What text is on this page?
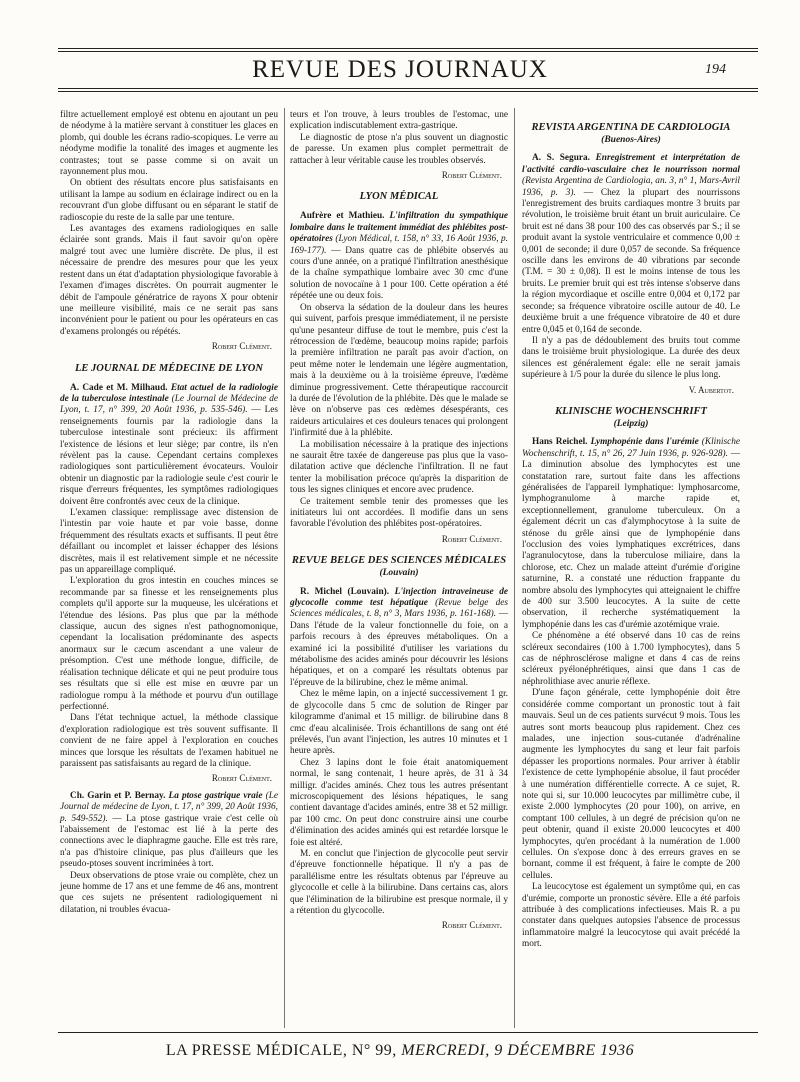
REVUE DES JOURNAUX	194

filtre actuellement employé est obtenu en ajoutant un peu de néodyme à la matière servant à constituer les glaces en plomb, qui double les écrans radio-scopiques. Le verre au néodyme modifie la tonalité des images et augmente les contrastes; tout se passe comme si on avait un rayonnement plus mou.

On obtient des résultats encore plus satisfaisants en utilisant la lampe au sodium en éclairage indirect ou en la recouvrant d'un globe diffusant ou en séparant le statif de radioscopie du reste de la salle par une tenture.

Les avantages des examens radiologiques en salle éclairée sont grands. Mais il faut savoir qu'on opère malgré tout avec une lumière discrète. De plus, il est nécessaire de prendre des mesures pour que les yeux restent dans un état d'adaptation physiologique favorable à l'examen d'images discrètes. On pourrait augmenter le débit de l'ampoule génératrice de rayons X pour obtenir une meilleure visibilité, mais ce ne serait pas sans inconvénient pour le patient ou pour les opérateurs en cas d'examens prolongés ou répétés.

Robert Clément.
LE JOURNAL DE MÉDECINE DE LYON

A. Cade et M. Milhaud. Etat actuel de la radiologie de la tuberculose intestinale (Le Journal de Médecine de Lyon, t. 17, n° 399, 20 Août 1936, p. 535-546). — Les renseignements fournis par la radiologie dans la tuberculose intestinale sont précieux: ils affirment l'existence de lésions et leur siège; par contre, ils n'en révèlent pas la cause. Cependant certains complexes radiologiques sont particulièrement évocateurs. Vouloir obtenir un diagnostic par la radiologie seule c'est courir le risque d'erreurs fréquentes, les symptômes radiologiques doivent être confrontés avec ceux de la clinique.

L'examen classique: remplissage avec distension de l'intestin par voie haute et par voie basse, donne fréquemment des résultats exacts et suffisants. Il peut être défaillant ou incomplet et laisser échapper des lésions discrètes, mais il est relativement simple et ne nécessite pas un appareillage compliqué.

L'exploration du gros intestin en couches minces se recommande par sa finesse et les renseignements plus complets qu'il apporte sur la muqueuse, les ulcérations et l'étendue des lésions. Pas plus que par la méthode classique, aucun des signes n'est pathognomonique, cependant la localisation prédominante des aspects anormaux sur le cæcum ascendant a une valeur de présomption. C'est une méthode longue, difficile, de réalisation technique délicate et qui ne peut produire tous ses résultats que si elle est mise en œuvre par un radiologue rompu à la méthode et pourvu d'un outillage perfectionné.

Dans l'état technique actuel, la méthode classique d'exploration radiologique est très souvent suffisante. Il convient de ne faire appel à l'exploration en couches minces que lorsque les résultats de l'examen habituel ne paraissent pas satisfaisants au regard de la clinique.

Robert Clément.

Ch. Garin et P. Bernay. La ptose gastrique vraie (Le Journal de médecine de Lyon, t. 17, n° 399, 20 Août 1936, p. 549-552). — La ptose gastrique vraie c'est celle où l'abaissement de l'estomac est lié à la perte des connections avec le diaphragme gauche. Elle est très rare, n'a pas d'histoire clinique, pas plus d'ailleurs que les pseudo-ptoses souvent incriminées à tort.

Deux observations de ptose vraie ou complète, chez un jeune homme de 17 ans et une femme de 46 ans, montrent que ces sujets ne présentent radiologiquement ni dilatation, ni troubles évacua-

teurs et l'on trouve, à leurs troubles de l'estomac, une explication indiscutablement extra-gastrique.

Le diagnostic de ptose n'a plus souvent un diagnostic de paresse. Un examen plus complet permettrait de rattacher à leur véritable cause les troubles observés.

Robert Clément.
LYON MÉDICAL

Aufrère et Mathieu. L'infiltration du sympathique lombaire dans le traitement immédiat des phlébites post-opératoires (Lyon Médical, t. 158, n° 33, 16 Août 1936, p. 169-177). — Dans quatre cas de phlébite observés au cours d'une année, on a pratiqué l'infiltration anesthésique de la chaîne sympathique lombaire avec 30 cmc d'une solution de novocaïne à 1 pour 100. Cette opération a été répétée une ou deux fois.

On observa la sédation de la douleur dans les heures qui suivent, parfois presque immédiatement, il ne persiste qu'une pesanteur diffuse de tout le membre, puis c'est la rétrocession de l'œdème, beaucoup moins rapide; parfois la première infiltration ne paraît pas avoir d'action, on peut même noter le lendemain une légère augmentation, mais à la deuxième ou à la troisième épreuve, l'œdème diminue progressivement. Cette thérapeutique raccourcit la durée de l'évolution de la phlébite. Dès que le malade se lève on n'observe pas ces œdèmes désespérants, ces raideurs articulaires et ces douleurs tenaces qui prolongent l'infirmité due à la phlébite.

La mobilisation nécessaire à la pratique des injections ne saurait être taxée de dangereuse pas plus que la vaso-dilatation active que déclenche l'infiltration. Il ne faut tenter la mobilisation précoce qu'après la disparition de tous les signes cliniques et encore avec prudence.

Ce traitement semble tenir des promesses que les initiateurs lui ont accordées. Il modifie dans un sens favorable l'évolution des phlébites post-opératoires.

Robert Clément.
REVUE BELGE DES SCIENCES MÉDICALES
(Louvain)

R. Michel (Louvain). L'injection intraveineuse de glycocolle comme test hépatique (Revue belge des Sciences médicales, t. 8, n° 3, Mars 1936, p. 161-168). — Dans l'étude de la valeur fonctionnelle du foie, on a parfois recours à des épreuves métaboliques. On a examiné ici la possibilité d'utiliser les variations du métabolisme des acides aminés pour découvrir les lésions hépatiques, et on a comparé les résultats obtenus par l'épreuve de la bilirubine, chez le même animal.

Chez le même lapin, on a injecté successivement 1 gr. de glycocolle dans 5 cmc de solution de Ringer par kilogramme d'animal et 15 milligr. de bilirubine dans 8 cmc d'eau alcalinisée. Trois échantillons de sang ont été prélevés, l'un avant l'injection, les autres 10 minutes et 1 heure après.

Chez 3 lapins dont le foie était anatomiquement normal, le sang contenait, 1 heure après, de 31 à 34 milligr. d'acides aminés. Chez tous les autres présentant microscopiquement des lésions hépatiques, le sang contient davantage d'acides aminés, entre 38 et 52 milligr. par 100 cmc. On peut donc construire ainsi une courbe d'élimination des acides aminés qui est retardée lorsque le foie est altéré.

M. en conclut que l'injection de glycocolle peut servir d'épreuve fonctionnelle hépatique. Il n'y a pas de parallélisme entre les résultats obtenus par l'épreuve au glycocolle et celle à la bilirubine. Dans certains cas, alors que l'élimination de la bilirubine est presque normale, il y a rétention du glycocolle.

Robert Clément.
REVISTA ARGENTINA DE CARDIOLOGIA
(Buenos-Aires)

A. S. Segura. Enregistrement et interprétation de l'activité cardio-vasculaire chez le nourrisson normal (Revista Argentina de Cardiologia, an. 3, n° 1, Mars-Avril 1936, p. 3). — Chez la plupart des nourrissons l'enregistrement des bruits cardiaques montre 3 bruits par révolution, le troisième bruit étant un bruit auriculaire. Ce bruit est né dans 38 pour 100 des cas observés par S.; il se produit avant la systole ventriculaire et commence 0,00 ± 0,001 de seconde; il dure 0,057 de seconde. Sa fréquence oscille dans les environs de 40 vibrations par seconde (T.M. = 30 ± 0,08). Il est le moins intense de tous les bruits. Le premier bruit qui est très intense s'observe dans la région mycordiaque et oscille entre 0,004 et 0,172 par seconde; sa fréquence vibratoire oscille autour de 40. Le deuxième bruit a une fréquence vibratoire de 40 et dure entre 0,045 et 0,164 de seconde.

Il n'y a pas de dédoublement des bruits tout comme dans le troisième bruit physiologique. La durée des deux silences est généralement égale: elle ne serait jamais supérieure à 1/5 pour la durée du silence le plus long.

V. Aubertot.
KLINISCHE WOCHENSCHRIFT
(Leipzig)

Hans Reichel. Lymphopénie dans l'urémie (Klinische Wochenschrift, t. 15, n° 26, 27 Juin 1936, p. 926-928). — La diminution absolue des lymphocytes est une constatation rare, surtout faite dans les affections généralisées de l'appareil lymphatique: lymphosarcome, lymphogranulome à marche rapide et, exceptionnellement, granulome tuberculeux. On a également décrit un cas d'alymphocytose à la suite de sténose du grêle ainsi que de lymphopénie dans l'occlusion des voies lymphatiques excrétrices, dans l'agranulocytose, dans la tuberculose miliaire, dans la chlorose, etc. Chez un malade atteint d'urémie d'origine saturnine, R. a constaté une réduction frappante du nombre absolu des lymphocytes qui atteignaient le chiffre de 400 sur 3.500 leucocytes. A la suite de cette observation, il recherche systématiquement la lymphopénie dans les cas d'urémie azotémique vraie.

Ce phénomène a été observé dans 10 cas de reins scléreux secondaires (100 à 1.700 lymphocytes), dans 5 cas de néphrosclérose maligne et dans 4 cas de reins scléreux pyélonéphrétiques, ainsi que dans 1 cas de néphrolithiase avec anurie réflexe.

D'une façon générale, cette lymphopénie doit être considérée comme comportant un pronostic tout à fait mauvais. Seul un de ces patients survécut 9 mois. Tous les autres sont morts beaucoup plus rapidement. Chez ces malades, une injection sous-cutanée d'adrénaline augmente les lymphocytes du sang et leur fait parfois dépasser les proportions normales. Pour arriver à établir l'existence de cette lymphopénie absolue, il faut procéder à une numération différentielle correcte. A ce sujet, R. note qui si, sur 10.000 leucocytes par millimètre cube, il existe 2.000 lymphocytes (20 pour 100), on arrive, en comptant 100 cellules, à un degré de précision qu'on ne peut obtenir, quand il existe 20.000 leucocytes et 400 lymphocytes, qu'en procédant à la numération de 1.000 cellules. On s'expose donc à des erreurs graves en se bornant, comme il est fréquent, à faire le compte de 200 cellules.

La leucocytose est également un symptôme qui, en cas d'urémie, comporte un pronostic sévère. Elle a été parfois attribuée à des complications infectieuses. Mais R. a pu constater dans quelques autopsies l'absence de processus inflammatoire malgré la leucocytose qui avait précédé la mort.

LA PRESSE MÉDICALE, N° 99, MERCREDI, 9 DÉCEMBRE 1936
